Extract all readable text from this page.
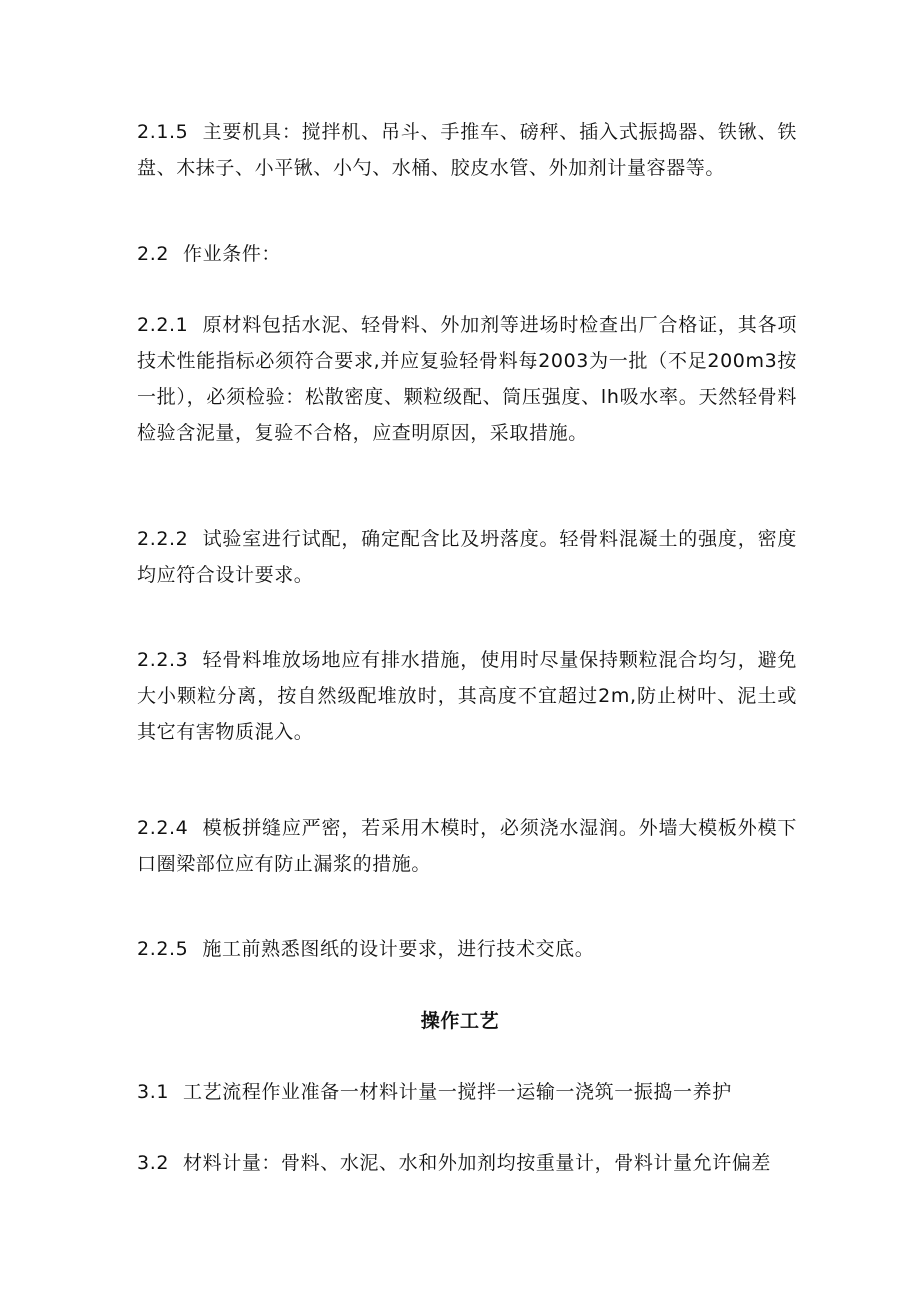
2.1.5 主要机具：搅拌机、吊斗、手推车、磅秤、插入式振捣器、铁锹、铁盘、木抹子、小平锹、小勺、水桶、胶皮水管、外加剂计量容器等。

2.2 作业条件：

2.2.1 原材料包括水泥、轻骨料、外加剂等进场时检查出厂合格证，其各项技术性能指标必须符合要求,并应复验轻骨料每2003为一批（不足200m3按一批），必须检验：松散密度、颗粒级配、筒压强度、lh吸水率。天然轻骨料检验含泥量，复验不合格，应查明原因，采取措施。

2.2.2 试验室进行试配，确定配含比及坍落度。轻骨料混凝土的强度，密度均应符合设计要求。

2.2.3 轻骨料堆放场地应有排水措施，使用时尽量保持颗粒混合均匀，避免大小颗粒分离，按自然级配堆放时，其高度不宜超过2m,防止树叶、泥土或其它有害物质混入。

2.2.4 模板拼缝应严密，若采用木模时，必须浇水湿润。外墙大模板外模下口圈梁部位应有防止漏浆的措施。

2.2.5 施工前熟悉图纸的设计要求，进行技术交底。

操作工艺

3.1 工艺流程作业准备一材料计量一搅拌一运输一浇筑一振捣一养护

3.2 材料计量：骨料、水泥、水和外加剂均按重量计，骨料计量允许偏差
